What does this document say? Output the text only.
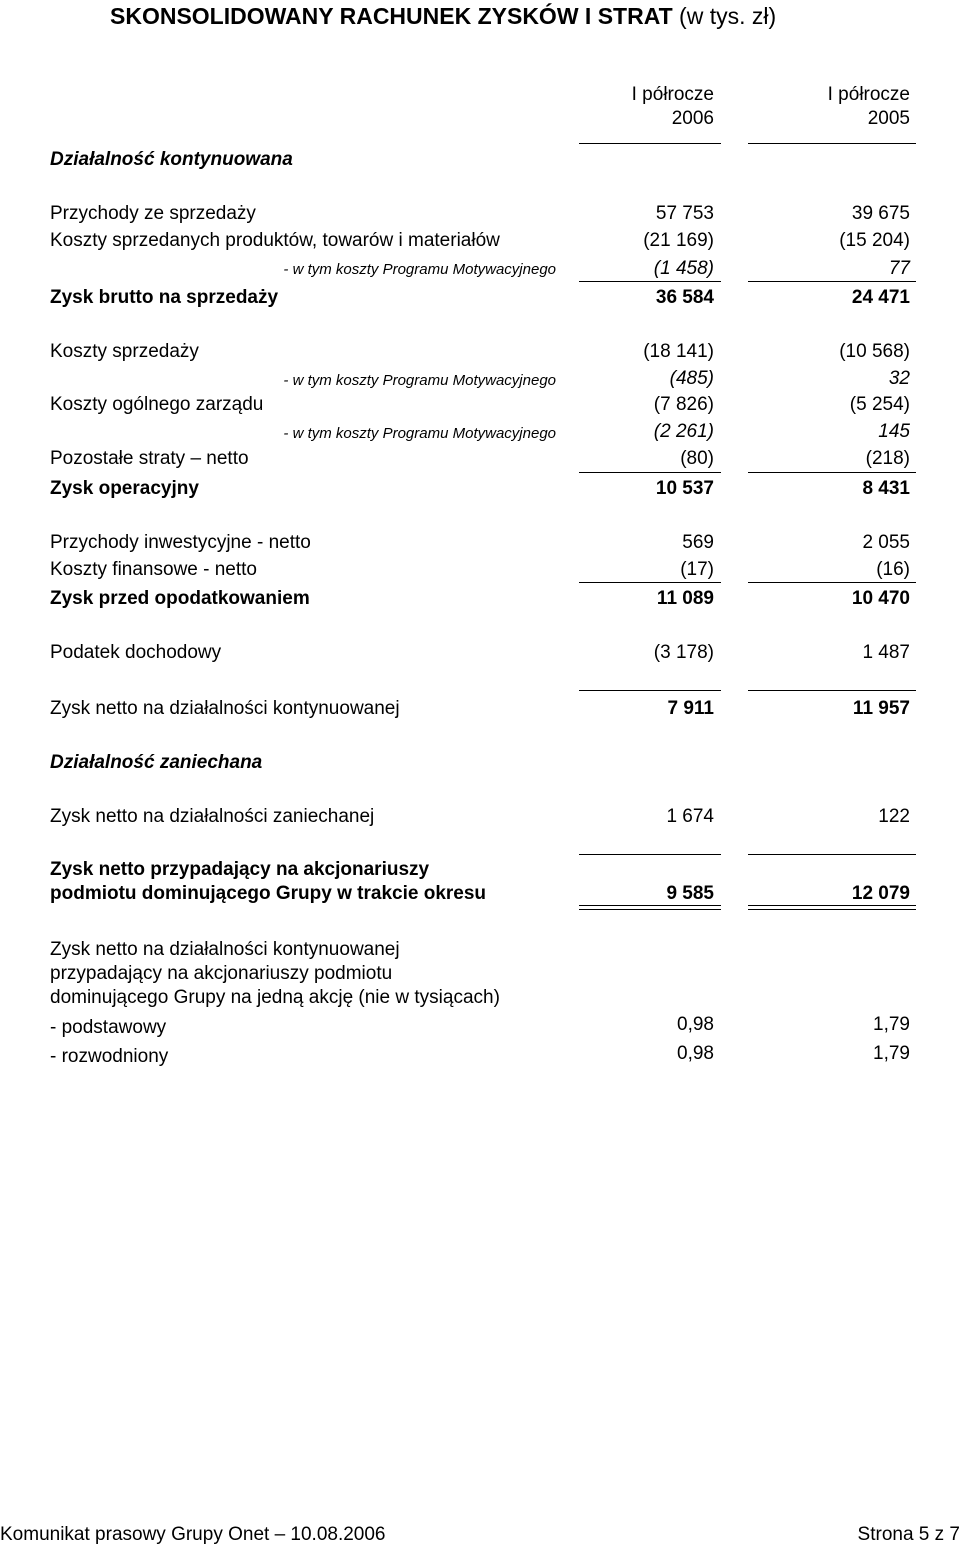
SKONSOLIDOWANY RACHUNEK ZYSKÓW I STRAT (w tys. zł)
I półrocze
2006
I półrocze
2005
Działalność kontynuowana
Przychody ze sprzedaży	57 753	39 675
Koszty sprzedanych produktów, towarów i materiałów	(21 169)	(15 204)
- w tym koszty Programu Motywacyjnego	(1 458)	77
Zysk brutto na sprzedaży	36 584	24 471
Koszty sprzedaży	(18 141)	(10 568)
- w tym koszty Programu Motywacyjnego	(485)	32
Koszty ogólnego zarządu	(7 826)	(5 254)
- w tym koszty Programu Motywacyjnego	(2 261)	145
Pozostałe straty – netto	(80)	(218)
Zysk operacyjny	10 537	8 431
Przychody inwestycyjne - netto	569	2 055
Koszty finansowe - netto	(17)	(16)
Zysk przed opodatkowaniem	11 089	10 470
Podatek dochodowy	(3 178)	1 487
Zysk netto na działalności kontynuowanej	7 911	11 957
Działalność zaniechana
Zysk netto na działalności zaniechanej	1 674	122
Zysk netto przypadający na akcjonariuszy
podmiotu dominującego Grupy w trakcie okresu	9 585	12 079
Zysk netto na działalności kontynuowanej
przypadający na akcjonariuszy podmiotu
dominującego Grupy na jedną akcję (nie w tysiącach)
- podstawowy	0,98	1,79
- rozwodniony	0,98	1,79
Komunikat prasowy Grupy Onet – 10.08.2006	Strona 5 z 7
